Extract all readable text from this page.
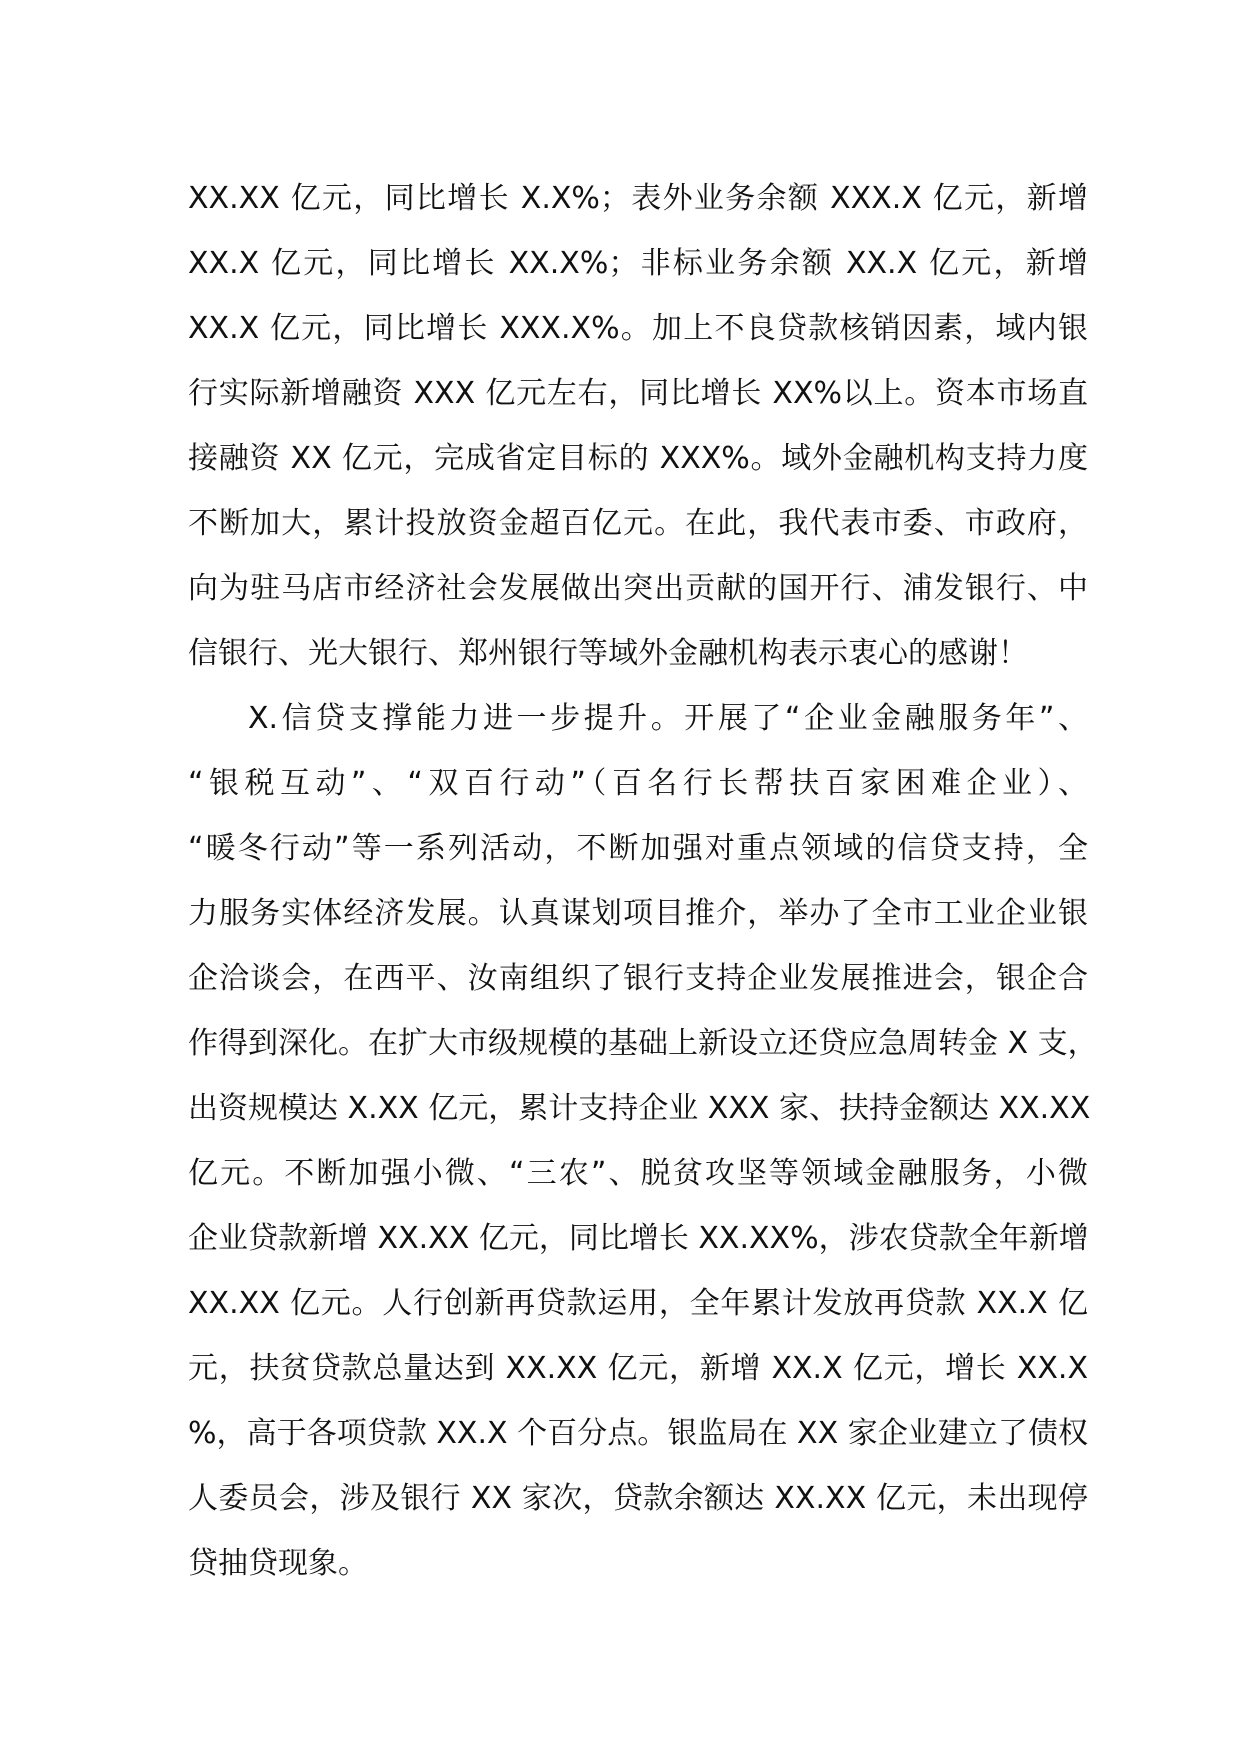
XX.XX 亿元，同比增长 X.X%；表外业务余额 XXX.X 亿元，新增
XX.X 亿元，同比增长 XX.X%；非标业务余额 XX.X 亿元，新增
XX.X 亿元，同比增长 XXX.X%。加上不良贷款核销因素，域内银
行实际新增融资 XXX 亿元左右，同比增长 XX%以上。资本市场直
接融资 XX 亿元，完成省定目标的 XXX%。域外金融机构支持力度
不断加大，累计投放资金超百亿元。在此，我代表市委、市政府，
向为驻马店市经济社会发展做出突出贡献的国开行、浦发银行、中
信银行、光大银行、郑州银行等域外金融机构表示衷心的感谢！
X.信贷支撑能力进一步提升。开展了“企业金融服务年”、
“银税互动”、“双百行动”（百名行长帮扶百家困难企业）、
“暖冬行动”等一系列活动，不断加强对重点领域的信贷支持，全
力服务实体经济发展。认真谋划项目推介，举办了全市工业企业银
企洽谈会，在西平、汝南组织了银行支持企业发展推进会，银企合
作得到深化。在扩大市级规模的基础上新设立还贷应急周转金 X 支，
出资规模达 X.XX 亿元，累计支持企业 XXX 家、扶持金额达 XX.XX
亿元。不断加强小微、“三农”、脱贫攻坚等领域金融服务，小微
企业贷款新增 XX.XX 亿元，同比增长 XX.XX%，涉农贷款全年新增
XX.XX 亿元。人行创新再贷款运用，全年累计发放再贷款 XX.X 亿
元，扶贫贷款总量达到 XX.XX 亿元，新增 XX.X 亿元，增长 XX.X
%，高于各项贷款 XX.X 个百分点。银监局在 XX 家企业建立了债权
人委员会，涉及银行 XX 家次，贷款余额达 XX.XX 亿元，未出现停
贷抽贷现象。
